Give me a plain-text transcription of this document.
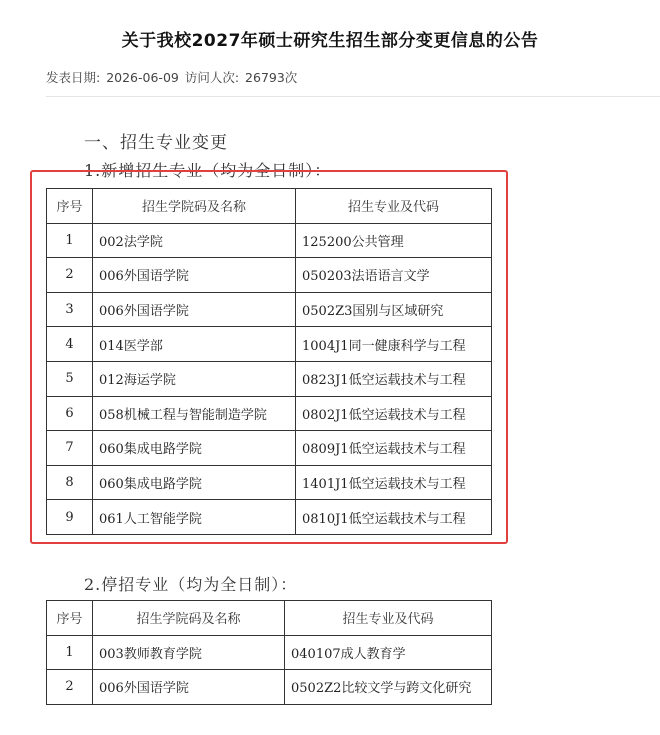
关于我校2027年硕士研究生招生部分变更信息的公告
发表日期: 2026-06-09 访问人次: 26793次
一、招生专业变更
1.新增招生专业（均为全日制）：
序号	招生学院码及名称	招生专业及代码
1	002法学院	125200公共管理
2	006外国语学院	050203法语语言文学
3	006外国语学院	0502Z3国别与区域研究
4	014医学部	1004J1同一健康科学与工程
5	012海运学院	0823J1低空运载技术与工程
6	058机械工程与智能制造学院	0802J1低空运载技术与工程
7	060集成电路学院	0809J1低空运载技术与工程
8	060集成电路学院	1401J1低空运载技术与工程
9	061人工智能学院	0810J1低空运载技术与工程
2.停招专业（均为全日制）：
序号	招生学院码及名称	招生专业及代码
1	003教师教育学院	040107成人教育学
2	006外国语学院	0502Z2比较文学与跨文化研究
